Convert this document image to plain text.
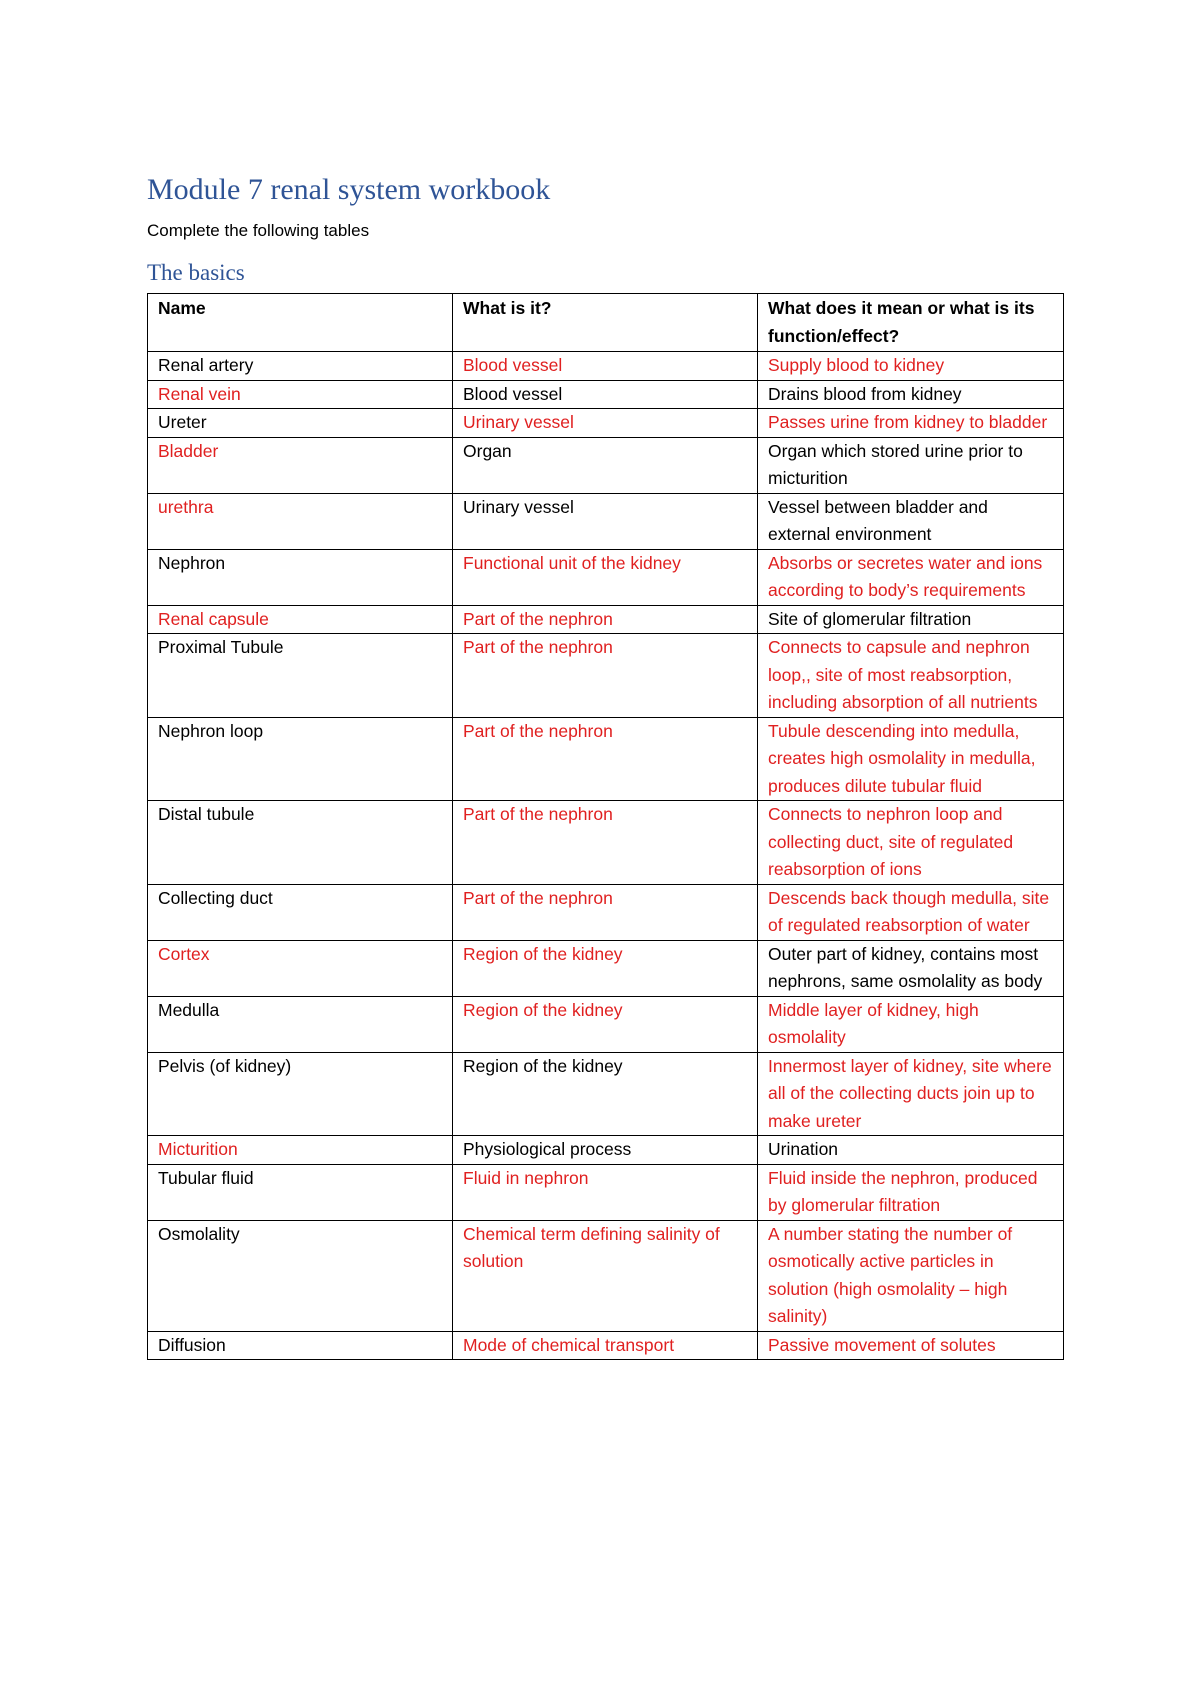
Module 7 renal system workbook

Complete the following tables

The basics
Name	What is it?	What does it mean or what is its function/effect?
Renal artery	Blood vessel	Supply blood to kidney
Renal vein	Blood vessel	Drains blood from kidney
Ureter	Urinary vessel	Passes urine from kidney to bladder
Bladder	Organ	Organ which stored urine prior to micturition
urethra	Urinary vessel	Vessel between bladder and external environment
Nephron	Functional unit of the kidney	Absorbs or secretes water and ions according to body’s requirements
Renal capsule	Part of the nephron	Site of glomerular filtration
Proximal Tubule	Part of the nephron	Connects to capsule and nephron loop,, site of most reabsorption, including absorption of all nutrients
Nephron loop	Part of the nephron	Tubule descending into medulla, creates high osmolality in medulla, produces dilute tubular fluid
Distal tubule	Part of the nephron	Connects to nephron loop and collecting duct, site of regulated reabsorption of ions
Collecting duct	Part of the nephron	Descends back though medulla, site of regulated reabsorption of water
Cortex	Region of the kidney	Outer part of kidney, contains most nephrons, same osmolality as body
Medulla	Region of the kidney	Middle layer of kidney, high osmolality
Pelvis (of kidney)	Region of the kidney	Innermost layer of kidney, site where all of the collecting ducts join up to make ureter
Micturition	Physiological process	Urination
Tubular fluid	Fluid in nephron	Fluid inside the nephron, produced by glomerular filtration
Osmolality	Chemical term defining salinity of solution	A number stating the number of osmotically active particles in solution (high osmolality – high salinity)
Diffusion	Mode of chemical transport	Passive movement of solutes
